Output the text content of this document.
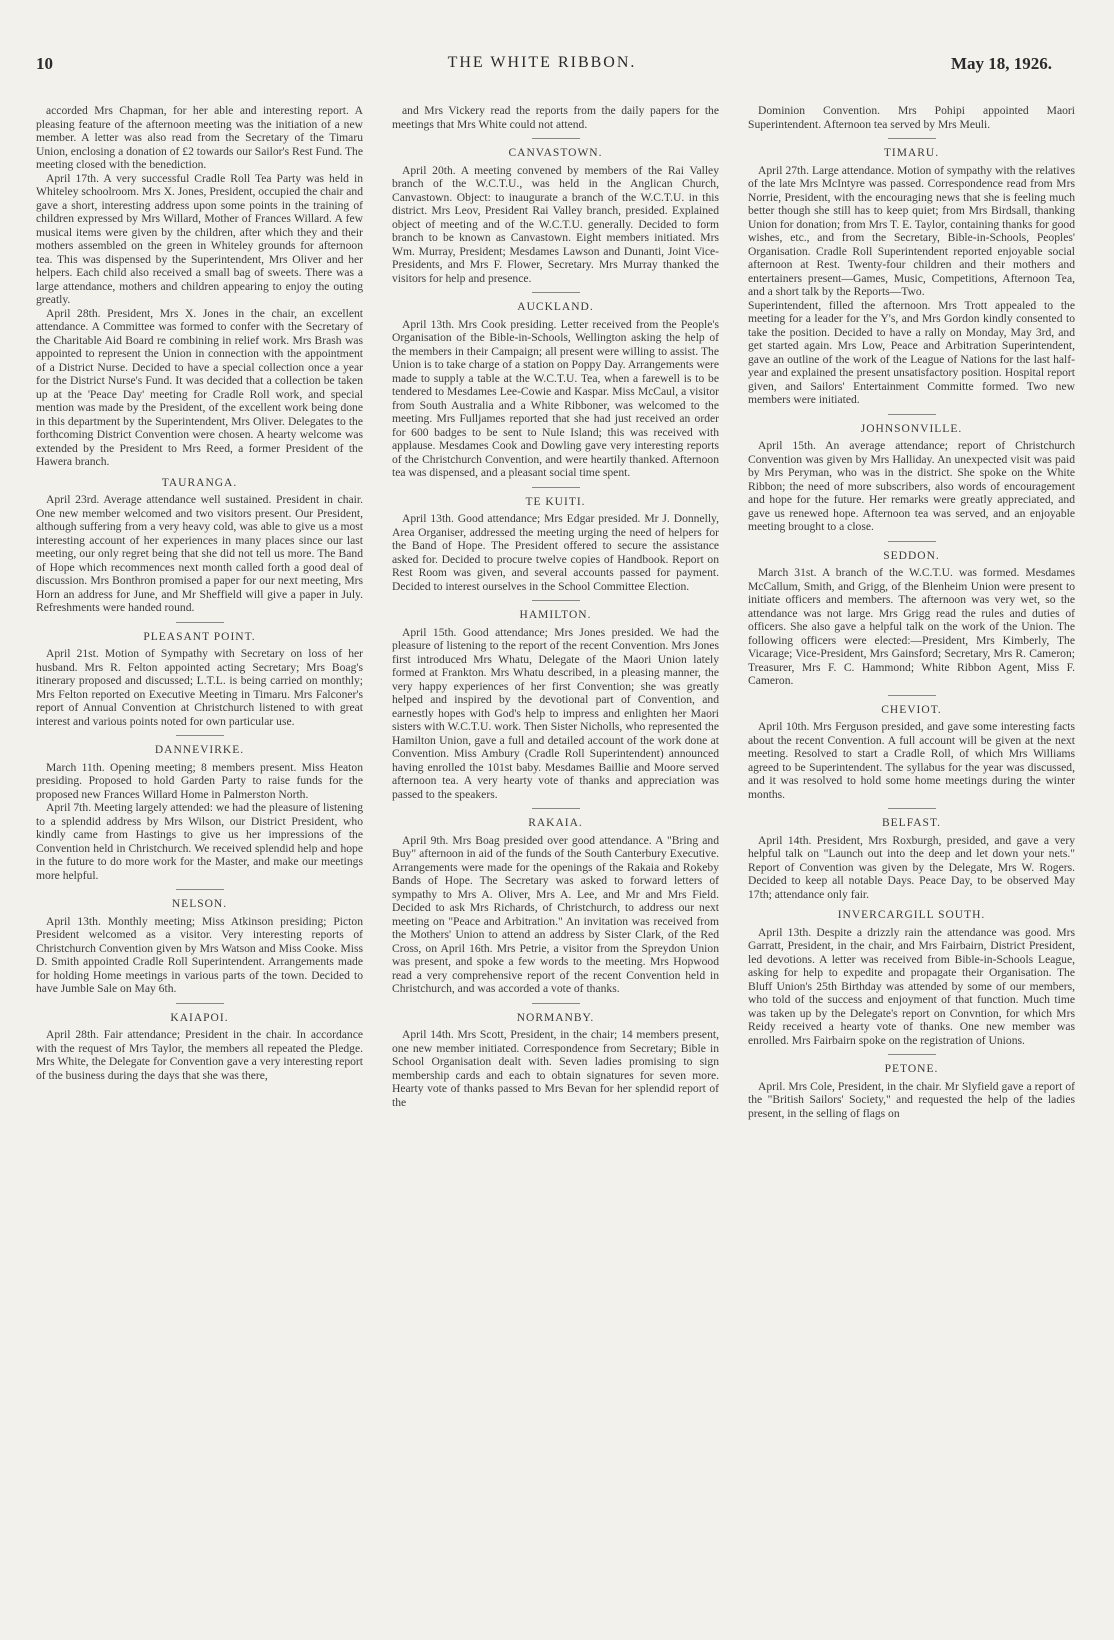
10	THE WHITE RIBBON.	May 18, 1926.

accorded Mrs Chapman, for her able and interesting report. A pleasing feature of the afternoon meeting was the initiation of a new member. A letter was also read from the Secretary of the Timaru Union, enclosing a donation of £2 towards our Sailor's Rest Fund. The meeting closed with the benediction.

April 17th. A very successful Cradle Roll Tea Party was held in Whiteley schoolroom. Mrs X. Jones, President, occupied the chair and gave a short, interesting address upon some points in the training of children expressed by Mrs Willard, Mother of Frances Willard. A few musical items were given by the children, after which they and their mothers assembled on the green in Whiteley grounds for afternoon tea. This was dispensed by the Superintendent, Mrs Oliver and her helpers. Each child also received a small bag of sweets. There was a large attendance, mothers and children appearing to enjoy the outing greatly.

April 28th. President, Mrs X. Jones in the chair, an excellent attendance. A Committee was formed to confer with the Secretary of the Charitable Aid Board re combining in relief work. Mrs Brash was appointed to represent the Union in connection with the appointment of a District Nurse. Decided to have a special collection once a year for the District Nurse's Fund. It was decided that a collection be taken up at the 'Peace Day' meeting for Cradle Roll work, and special mention was made by the President, of the excellent work being done in this department by the Superintendent, Mrs Oliver. Delegates to the forthcoming District Convention were chosen. A hearty welcome was extended by the President to Mrs Reed, a former President of the Hawera branch.

TAURANGA.

April 23rd. Average attendance well sustained. President in chair. One new member welcomed and two visitors present. Our President, although suffering from a very heavy cold, was able to give us a most interesting account of her experiences in many places since our last meeting, our only regret being that she did not tell us more. The Band of Hope which recommences next month called forth a good deal of discussion. Mrs Bonthron promised a paper for our next meeting, Mrs Horn an address for June, and Mr Sheffield will give a paper in July. Refreshments were handed round.

PLEASANT POINT.

April 21st. Motion of Sympathy with Secretary on loss of her husband. Mrs R. Felton appointed acting Secretary; Mrs Boag's itinerary proposed and discussed; L.T.L. is being carried on monthly; Mrs Felton reported on Executive Meeting in Timaru. Mrs Falconer's report of Annual Convention at Christchurch listened to with great interest and various points noted for own particular use.

DANNEVIRKE.

March 11th. Opening meeting; 8 members present. Miss Heaton presiding. Proposed to hold Garden Party to raise funds for the proposed new Frances Willard Home in Palmerston North.

April 7th. Meeting largely attended: we had the pleasure of listening to a splendid address by Mrs Wilson, our District President, who kindly came from Hastings to give us her impressions of the Convention held in Christchurch. We received splendid help and hope in the future to do more work for the Master, and make our meetings more helpful.

NELSON.

April 13th. Monthly meeting; Miss Atkinson presiding; Picton President welcomed as a visitor. Very interesting reports of Christchurch Convention given by Mrs Watson and Miss Cooke. Miss D. Smith appointed Cradle Roll Superintendent. Arrangements made for holding Home meetings in various parts of the town. Decided to have Jumble Sale on May 6th.

KAIAPOI.

April 28th. Fair attendance; President in the chair. In accordance with the request of Mrs Taylor, the members all repeated the Pledge. Mrs White, the Delegate for Convention gave a very interesting report of the business during the days that she was there,

and Mrs Vickery read the reports from the daily papers for the meetings that Mrs White could not attend.

CANVASTOWN.

April 20th. A meeting convened by members of the Rai Valley branch of the W.C.T.U., was held in the Anglican Church, Canvastown. Object: to inaugurate a branch of the W.C.T.U. in this district. Mrs Leov, President Rai Valley branch, presided. Explained object of meeting and of the W.C.T.U. generally. Decided to form branch to be known as Canvastown. Eight members initiated. Mrs Wm. Murray, President; Mesdames Lawson and Dunanti, Joint Vice-Presidents, and Mrs F. Flower, Secretary. Mrs Murray thanked the visitors for help and presence.

AUCKLAND.

April 13th. Mrs Cook presiding. Letter received from the People's Organisation of the Bible-in-Schools, Wellington asking the help of the members in their Campaign; all present were willing to assist. The Union is to take charge of a station on Poppy Day. Arrangements were made to supply a table at the W.C.T.U. Tea, when a farewell is to be tendered to Mesdames Lee-Cowie and Kaspar. Miss McCaul, a visitor from South Australia and a White Ribboner, was welcomed to the meeting. Mrs Fulljames reported that she had just received an order for 600 badges to be sent to Nule Island; this was received with applause. Mesdames Cook and Dowling gave very interesting reports of the Christchurch Convention, and were heartily thanked. Afternoon tea was dispensed, and a pleasant social time spent.

TE KUITI.

April 13th. Good attendance; Mrs Edgar presided. Mr J. Donnelly, Area Organiser, addressed the meeting urging the need of helpers for the Band of Hope. The President offered to secure the assistance asked for. Decided to procure twelve copies of Handbook. Report on Rest Room was given, and several accounts passed for payment. Decided to interest ourselves in the School Committee Election.

HAMILTON.

April 15th. Good attendance; Mrs Jones presided. We had the pleasure of listening to the report of the recent Convention. Mrs Jones first introduced Mrs Whatu, Delegate of the Maori Union lately formed at Frankton. Mrs Whatu described, in a pleasing manner, the very happy experiences of her first Convention; she was greatly helped and inspired by the devotional part of Convention, and earnestly hopes with God's help to impress and enlighten her Maori sisters with W.C.T.U. work. Then Sister Nicholls, who represented the Hamilton Union, gave a full and detailed account of the work done at Convention. Miss Ambury (Cradle Roll Superintendent) announced having enrolled the 101st baby. Mesdames Baillie and Moore served afternoon tea. A very hearty vote of thanks and appreciation was passed to the speakers.

RAKAIA.

April 9th. Mrs Boag presided over good attendance. A "Bring and Buy" afternoon in aid of the funds of the South Canterbury Executive. Arrangements were made for the openings of the Rakaia and Rokeby Bands of Hope. The Secretary was asked to forward letters of sympathy to Mrs A. Oliver, Mrs A. Lee, and Mr and Mrs Field. Decided to ask Mrs Richards, of Christchurch, to address our next meeting on "Peace and Arbitration." An invitation was received from the Mothers' Union to attend an address by Sister Clark, of the Red Cross, on April 16th. Mrs Petrie, a visitor from the Spreydon Union was present, and spoke a few words to the meeting. Mrs Hopwood read a very comprehensive report of the recent Convention held in Christchurch, and was accorded a vote of thanks.

NORMANBY.

April 14th. Mrs Scott, President, in the chair; 14 members present, one new member initiated. Correspondence from Secretary; Bible in School Organisation dealt with. Seven ladies promising to sign membership cards and each to obtain signatures for seven more. Hearty vote of thanks passed to Mrs Bevan for her splendid report of the

Dominion Convention. Mrs Pohipi appointed Maori Superintendent. Afternoon tea served by Mrs Meuli.

TIMARU.

April 27th. Large attendance. Motion of sympathy with the relatives of the late Mrs McIntyre was passed. Correspondence read from Mrs Norrie, President, with the encouraging news that she is feeling much better though she still has to keep quiet; from Mrs Birdsall, thanking Union for donation; from Mrs T. E. Taylor, containing thanks for good wishes, etc., and from the Secretary, Bible-in-Schools, Peoples' Organisation. Cradle Roll Superintendent reported enjoyable social afternoon at Rest. Twenty-four children and their mothers and entertainers present—Games, Music, Competitions, Afternoon Tea, and a short talk by the Reports—Two.

Superintendent, filled the afternoon. Mrs Trott appealed to the meeting for a leader for the Y's, and Mrs Gordon kindly consented to take the position. Decided to have a rally on Monday, May 3rd, and get started again. Mrs Low, Peace and Arbitration Superintendent, gave an outline of the work of the League of Nations for the last half-year and explained the present unsatisfactory position. Hospital report given, and Sailors' Entertainment Committe formed. Two new members were initiated.

JOHNSONVILLE.

April 15th. An average attendance; report of Christchurch Convention was given by Mrs Halliday. An unexpected visit was paid by Mrs Peryman, who was in the district. She spoke on the White Ribbon; the need of more subscribers, also words of encouragement and hope for the future. Her remarks were greatly appreciated, and gave us renewed hope. Afternoon tea was served, and an enjoyable meeting brought to a close.

SEDDON.

March 31st. A branch of the W.C.T.U. was formed. Mesdames McCallum, Smith, and Grigg, of the Blenheim Union were present to initiate officers and members. The afternoon was very wet, so the attendance was not large. Mrs Grigg read the rules and duties of officers. She also gave a helpful talk on the work of the Union. The following officers were elected:—President, Mrs Kimberly, The Vicarage; Vice-President, Mrs Gainsford; Secretary, Mrs R. Cameron; Treasurer, Mrs F. C. Hammond; White Ribbon Agent, Miss F. Cameron.

CHEVIOT.

April 10th. Mrs Ferguson presided, and gave some interesting facts about the recent Convention. A full account will be given at the next meeting. Resolved to start a Cradle Roll, of which Mrs Williams agreed to be Superintendent. The syllabus for the year was discussed, and it was resolved to hold some home meetings during the winter months.

BELFAST.

April 14th. President, Mrs Roxburgh, presided, and gave a very helpful talk on "Launch out into the deep and let down your nets." Report of Convention was given by the Delegate, Mrs W. Rogers. Decided to keep all notable Days. Peace Day, to be observed May 17th; attendance only fair.

INVERCARGILL SOUTH.

April 13th. Despite a drizzly rain the attendance was good. Mrs Garratt, President, in the chair, and Mrs Fairbairn, District President, led devotions. A letter was received from Bible-in-Schools League, asking for help to expedite and propagate their Organisation. The Bluff Union's 25th Birthday was attended by some of our members, who told of the success and enjoyment of that function. Much time was taken up by the Delegate's report on Convntion, for which Mrs Reidy received a hearty vote of thanks. One new member was enrolled. Mrs Fairbairn spoke on the registration of Unions.

PETONE.

April. Mrs Cole, President, in the chair. Mr Slyfield gave a report of the "British Sailors' Society," and requested the help of the ladies present, in the selling of flags on
